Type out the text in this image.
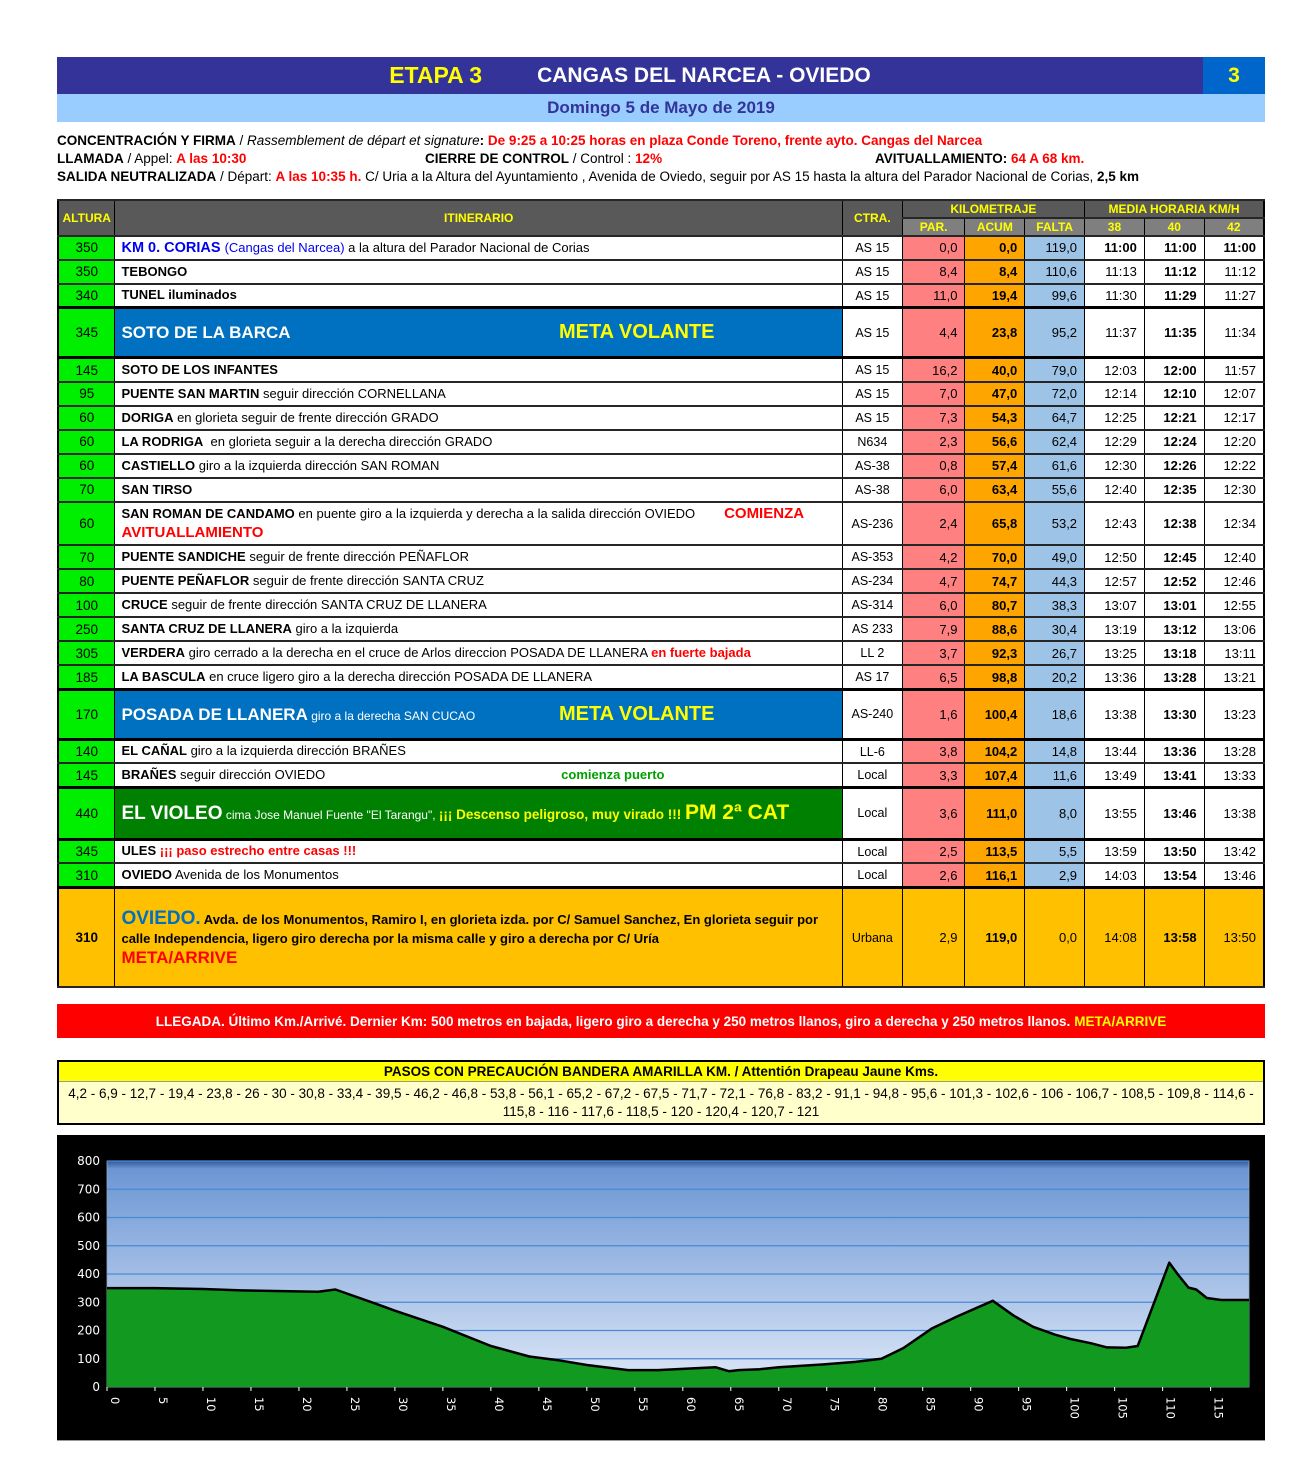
ETAPA 3	CANGAS DEL NARCEA - OVIEDO	3
Domingo 5 de Mayo de 2019
CONCENTRACIÓN Y FIRMA / Rassemblement de départ et signature: De 9:25 a 10:25 horas en plaza Conde Toreno, frente ayto. Cangas del Narcea
LLAMADA / Appel: A las 10:30	CIERRE DE CONTROL / Control : 12%	AVITUALLAMIENTO: 64 A 68 km.
SALIDA NEUTRALIZADA / Départ: A las 10:35 h. C/ Uria a la Altura del Ayuntamiento , Avenida de Oviedo, seguir por AS 15 hasta la altura del Parador Nacional de Corias, 2,5 km
ALTURA	ITINERARIO	CTRA.	KILOMETRAJE			MEDIA HORARIA KM/H		
			PAR.	ACUM	FALTA	38	40	42
350	KM 0. CORIAS (Cangas del Narcea) a la altura del Parador Nacional de Corias	AS 15	0,0	0,0	119,0	11:00	11:00	11:00
350	TEBONGO	AS 15	8,4	8,4	110,6	11:13	11:12	11:12
340	TUNEL iluminados	AS 15	11,0	19,4	99,6	11:30	11:29	11:27
345	SOTO DE LA BARCA META VOLANTE	AS 15	4,4	23,8	95,2	11:37	11:35	11:34
145	SOTO DE LOS INFANTES	AS 15	16,2	40,0	79,0	12:03	12:00	11:57
95	PUENTE SAN MARTIN seguir dirección CORNELLANA	AS 15	7,0	47,0	72,0	12:14	12:10	12:07
60	DORIGA en glorieta seguir de frente dirección GRADO	AS 15	7,3	54,3	64,7	12:25	12:21	12:17
60	LA RODRIGA  en glorieta seguir a la derecha dirección GRADO	N634	2,3	56,6	62,4	12:29	12:24	12:20
60	CASTIELLO giro a la izquierda dirección SAN ROMAN	AS-38	0,8	57,4	61,6	12:30	12:26	12:22
70	SAN TIRSO	AS-38	6,0	63,4	55,6	12:40	12:35	12:30
60	SAN ROMAN DE CANDAMO en puente giro a la izquierda y derecha a la salida dirección OVIEDO COMIENZA
AVITUALLAMIENTO	AS-236	2,4	65,8	53,2	12:43	12:38	12:34
70	PUENTE SANDICHE seguir de frente dirección PEÑAFLOR	AS-353	4,2	70,0	49,0	12:50	12:45	12:40
80	PUENTE PEÑAFLOR seguir de frente dirección SANTA CRUZ	AS-234	4,7	74,7	44,3	12:57	12:52	12:46
100	CRUCE seguir de frente dirección SANTA CRUZ DE LLANERA	AS-314	6,0	80,7	38,3	13:07	13:01	12:55
250	SANTA CRUZ DE LLANERA giro a la izquierda	AS 233	7,9	88,6	30,4	13:19	13:12	13:06
305	VERDERA giro cerrado a la derecha en el cruce de Arlos direccion POSADA DE LLANERA en fuerte bajada	LL 2	3,7	92,3	26,7	13:25	13:18	13:11
185	LA BASCULA en cruce ligero giro a la derecha dirección POSADA DE LLANERA	AS 17	6,5	98,8	20,2	13:36	13:28	13:21
170	POSADA DE LLANERA giro a la derecha SAN CUCAO META VOLANTE	AS-240	1,6	100,4	18,6	13:38	13:30	13:23
140	EL CAÑAL giro a la izquierda dirección BRAÑES	LL-6	3,8	104,2	14,8	13:44	13:36	13:28
145	BRAÑES seguir dirección OVIEDO comienza puerto	Local	3,3	107,4	11,6	13:49	13:41	13:33
440	EL VIOLEO cima Jose Manuel Fuente "El Tarangu", ¡¡¡ Descenso peligroso, muy virado !!! PM 2ª CAT	Local	3,6	111,0	8,0	13:55	13:46	13:38
345	ULES ¡¡¡ paso estrecho entre casas !!!	Local	2,5	113,5	5,5	13:59	13:50	13:42
310	OVIEDO Avenida de los Monumentos	Local	2,6	116,1	2,9	14:03	13:54	13:46
310	OVIEDO. Avda. de los Monumentos, Ramiro I, en glorieta izda. por C/ Samuel Sanchez, En glorieta seguir por calle Independencia, ligero giro derecha por la misma calle y giro a derecha por C/ Uría
META/ARRIVE	Urbana	2,9	119,0	0,0	14:08	13:58	13:50
LLEGADA. Último Km./Arrivé. Dernier Km: 500 metros en bajada, ligero giro a derecha y 250 metros llanos, giro a derecha y 250 metros llanos. META/ARRIVE
PASOS CON PRECAUCIÓN BANDERA AMARILLA KM. / Attentión Drapeau Jaune Kms.
4,2 - 6,9 - 12,7 - 19,4 - 23,8 - 26 - 30 - 30,8 - 33,4 - 39,5 - 46,2 - 46,8 - 53,8 - 56,1 - 65,2 - 67,2 - 67,5 - 71,7 - 72,1 - 76,8 - 83,2 - 91,1 - 94,8 - 95,6 - 101,3 - 102,6 - 106 - 106,7 - 108,5 - 109,8 - 114,6 -
115,8 - 116 - 117,6 - 118,5 - 120 - 120,4 - 120,7 - 121
0
100
200
300
400
500
600
700
800
0	5	10	15	20	25	30	35	40	45	50	55	60	65	70	75	80	85	90	95	100	105	110	115
